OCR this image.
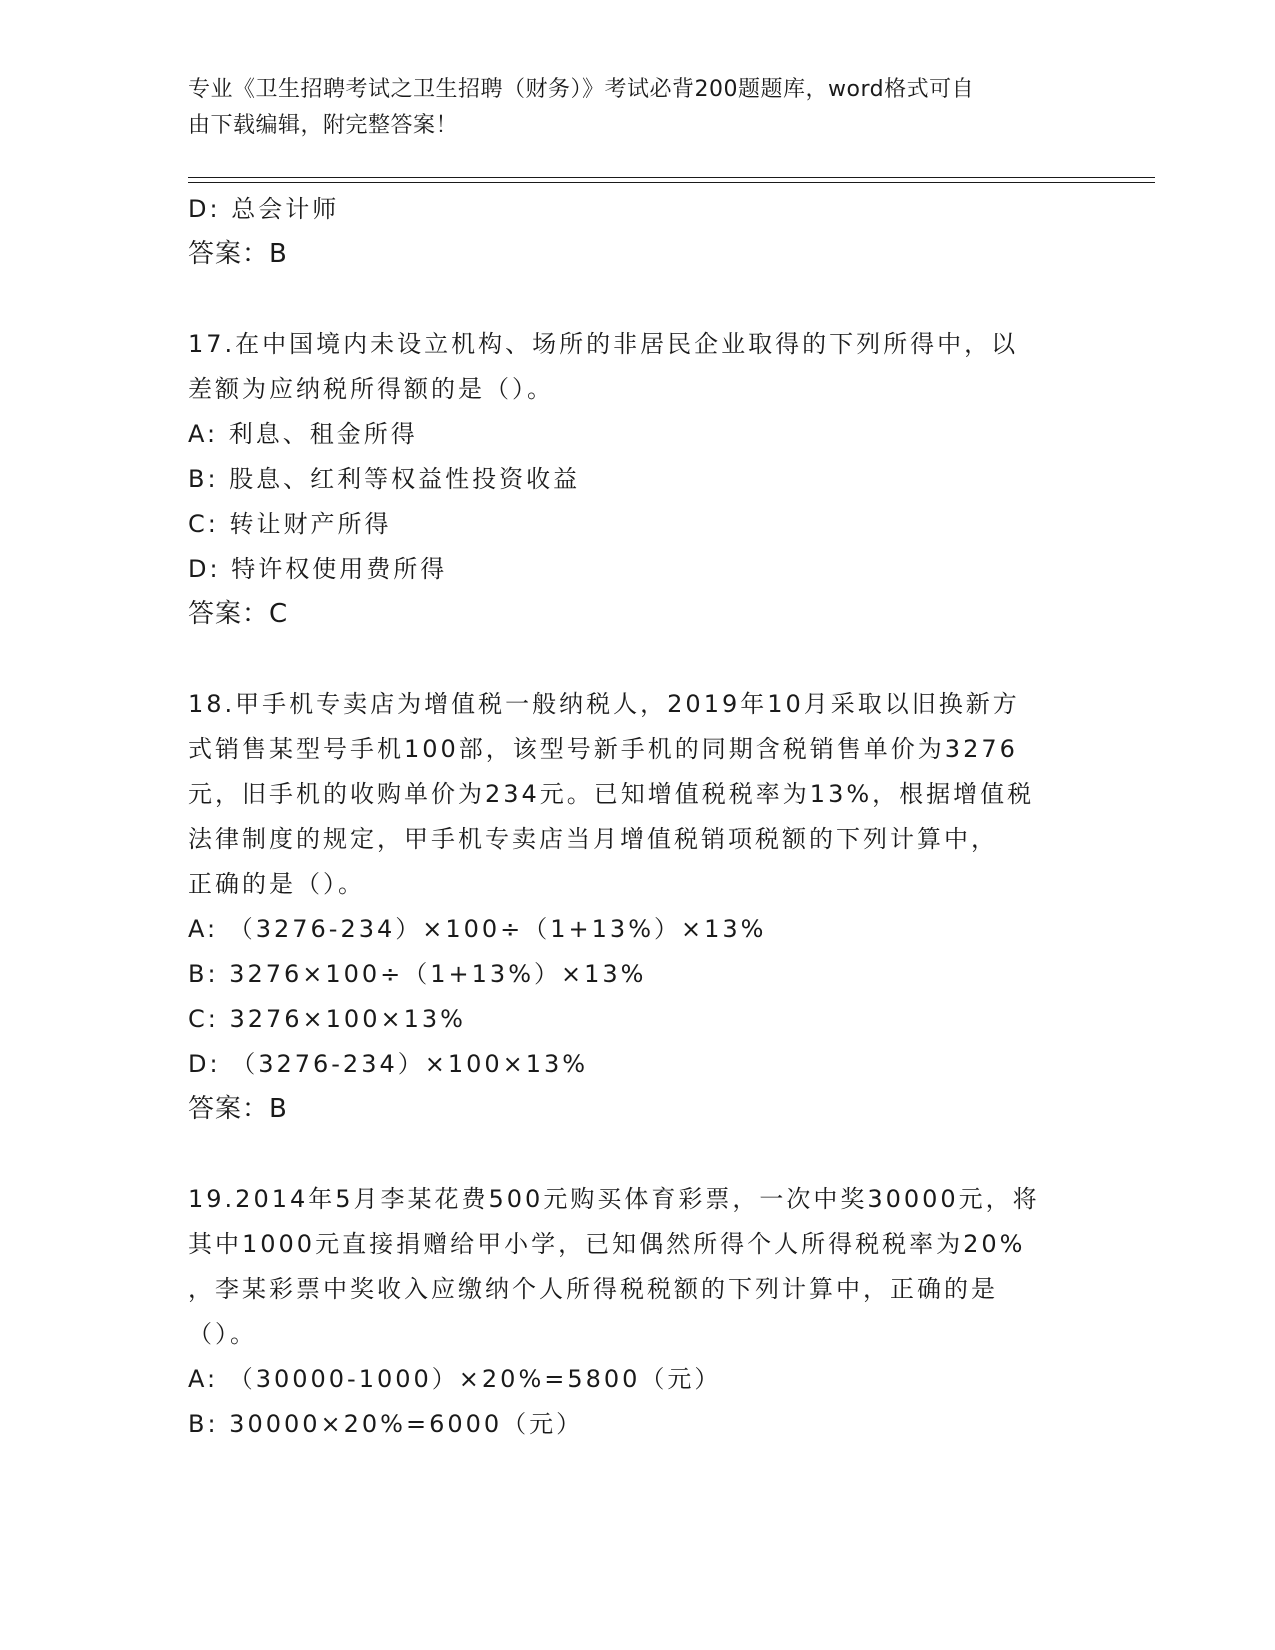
专业《卫生招聘考试之卫生招聘（财务）》考试必背200题题库，word格式可自
由下载编辑，附完整答案！
D: 总会计师
答案：B
17.在中国境内未设立机构、场所的非居民企业取得的下列所得中，以
差额为应纳税所得额的是（）。
A: 利息、租金所得
B: 股息、红利等权益性投资收益
C: 转让财产所得
D: 特许权使用费所得
答案：C
18.甲手机专卖店为增值税一般纳税人，2019年10月采取以旧换新方
式销售某型号手机100部，该型号新手机的同期含税销售单价为3276
元，旧手机的收购单价为234元。已知增值税税率为13%，根据增值税
法律制度的规定，甲手机专卖店当月增值税销项税额的下列计算中，
正确的是（）。
A: （3276-234）×100÷（1+13%）×13%
B: 3276×100÷（1+13%）×13%
C: 3276×100×13%
D: （3276-234）×100×13%
答案：B
19.2014年5月李某花费500元购买体育彩票，一次中奖30000元，将
其中1000元直接捐赠给甲小学，已知偶然所得个人所得税税率为20%
，李某彩票中奖收入应缴纳个人所得税税额的下列计算中，正确的是
（）。
A: （30000-1000）×20%=5800（元）
B: 30000×20%=6000（元）
